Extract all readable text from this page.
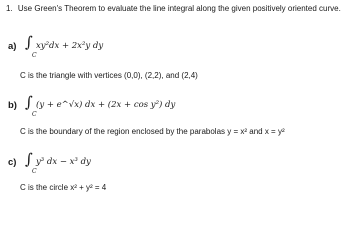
1. Use Green's Theorem to evaluate the line integral along the given positively oriented curve.
a) ∫
C
xy²dx + 2x²y dy
C is the triangle with vertices (0,0), (2,2), and (2,4)
b) ∫
C
(y + e^√x) dx + (2x + cos y²) dy
C is the boundary of the region enclosed by the parabolas y = x² and x = y²
c) ∫
C
y³ dx − x³ dy
C is the circle x² + y² = 4
